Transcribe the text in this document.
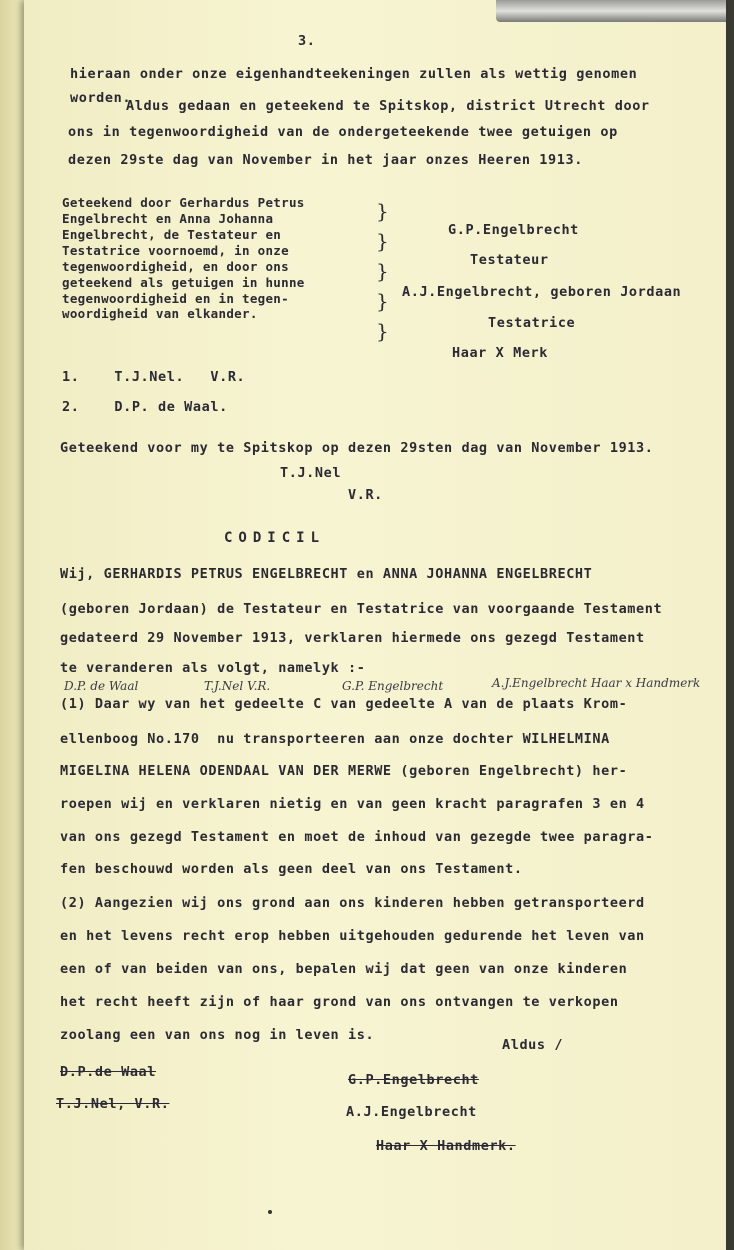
3.
hieraan onder onze eigenhandteekeningen zullen als wettig genomen
worden.
Aldus gedaan en geteekend te Spitskop, district Utrecht door
ons in tegenwoordigheid van de ondergeteekende twee getuigen op
dezen 29ste dag van November in het jaar onzes Heeren 1913.
Geteekend door Gerhardus Petrus
Engelbrecht en Anna Johanna
Engelbrecht, de Testateur en
Testatrice voornoemd, in onze
tegenwoordigheid, en door ons
geteekend als getuigen in hunne
tegenwoordigheid en in tegen-
woordigheid van elkander.
}
}
}
}
}
G.P.Engelbrecht
Testateur
A.J.Engelbrecht, geboren Jordaan
Testatrice
Haar X Merk
1.    T.J.Nel.   V.R.
2.    D.P. de Waal.
Geteekend voor my te Spitskop op dezen 29sten dag van November 1913.
T.J.Nel
V.R.
CODICIL
Wij, GERHARDIS PETRUS ENGELBRECHT en ANNA JOHANNA ENGELBRECHT
(geboren Jordaan) de Testateur en Testatrice van voorgaande Testament
gedateerd 29 November 1913, verklaren hiermede ons gezegd Testament
te veranderen als volgt, namelyk :-
D.P. de Waal	T.J.Nel V.R.	G.P. Engelbrecht	A.J.Engelbrecht Haar x Handmerk
(1) Daar wy van het gedeelte C van gedeelte A van de plaats Krom-
ellenboog No.170  nu transporteeren aan onze dochter WILHELMINA
MIGELINA HELENA ODENDAAL VAN DER MERWE (geboren Engelbrecht) her-
roepen wij en verklaren nietig en van geen kracht paragrafen 3 en 4
van ons gezegd Testament en moet de inhoud van gezegde twee paragra-
fen beschouwd worden als geen deel van ons Testament.
(2) Aangezien wij ons grond aan ons kinderen hebben getransporteerd
en het levens recht erop hebben uitgehouden gedurende het leven van
een of van beiden van ons, bepalen wij dat geen van onze kinderen
het recht heeft zijn of haar grond van ons ontvangen te verkopen
zoolang een van ons nog in leven is.
Aldus /
D.P.de Waal
T.J.Nel, V.R.
G.P.Engelbrecht
A.J.Engelbrecht
Haar X Handmerk.
